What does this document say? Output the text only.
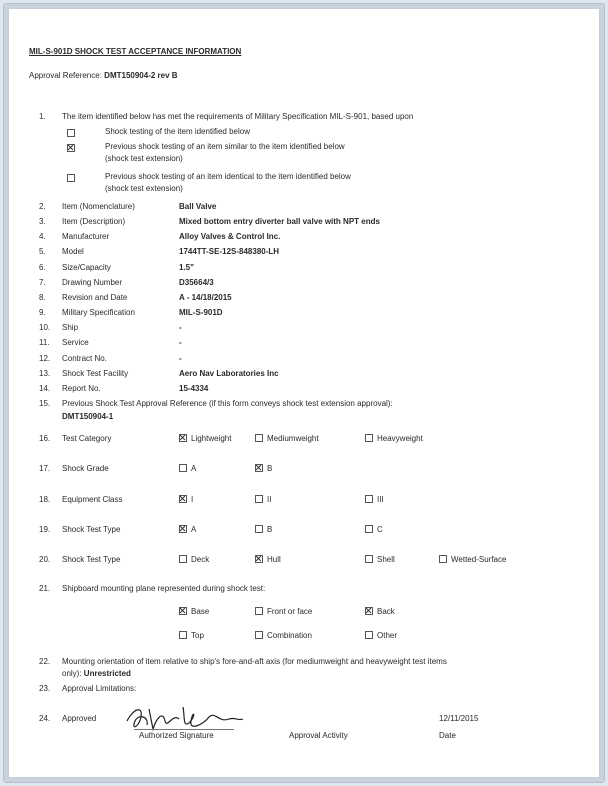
MIL-S-901D SHOCK TEST ACCEPTANCE INFORMATION
Approval Reference: DMT150904-2 rev B
1. The item identified below has met the requirements of Military Specification MIL-S-901, based upon
Shock testing of the item identified below
Previous shock testing of an item similar to the item identified below
(shock test extension)
Previous shock testing of an item identical to the item identified below
(shock test extension)
2. Item (Nomenclature)	Ball Valve
3. Item (Description)	Mixed bottom entry diverter ball valve with NPT ends
4. Manufacturer	Alloy Valves & Control Inc.
5. Model	1744TT-SE-12S-848380-LH
6. Size/Capacity	1.5"
7. Drawing Number	D35664/3
8. Revision and Date	A - 14/18/2015
9. Military Specification	MIL-S-901D
10. Ship	-
11. Service	-
12. Contract No.	-
13. Shock Test Facility	Aero Nav Laboratories Inc
14. Report No.	15-4334
15. Previous Shock Test Approval Reference (if this form conveys shock test extension approval):
DMT150904-1
16. Test Category	Lightweight	Mediumweight	Heavyweight
17. Shock Grade	A	B
18. Equipment Class	I	II	III
19. Shock Test Type	A	B	C
20. Shock Test Type	Deck	Hull	Shell	Wetted-Surface
21. Shipboard mounting plane represented during shock test:
Base	Front or face	Back
Top	Combination	Other
22. Mounting orientation of item relative to ship's fore-and-aft axis (for mediumweight and heavyweight test items
only): Unrestricted
23. Approval Limitations:
24. Approved	12/11/2015
Authorized Signature	Approval Activity	Date
